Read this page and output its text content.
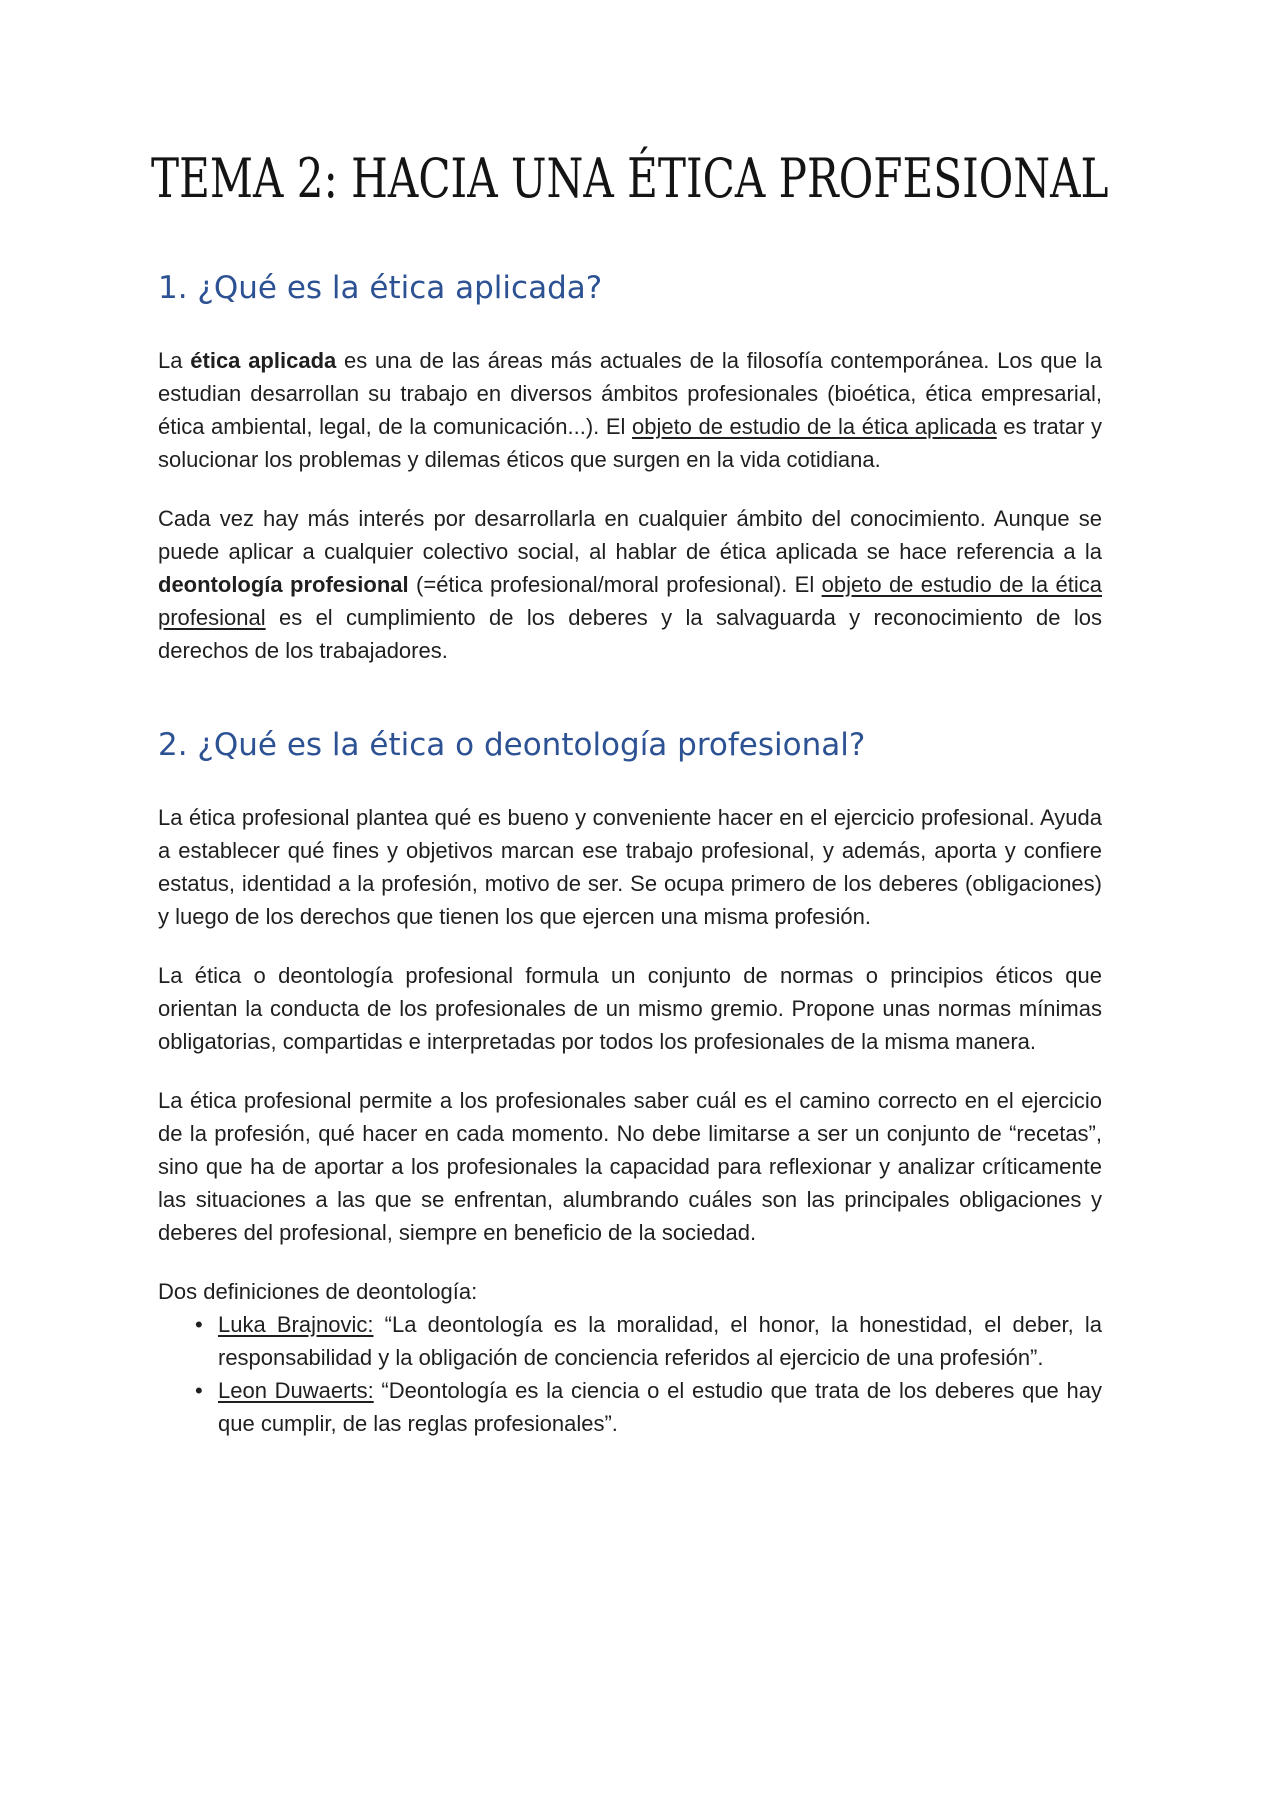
TEMA 2: HACIA UNA ÉTICA PROFESIONAL
1. ¿Qué es la ética aplicada?

La ética aplicada es una de las áreas más actuales de la filosofía contemporánea. Los que la estudian desarrollan su trabajo en diversos ámbitos profesionales (bioética, ética empresarial, ética ambiental, legal, de la comunicación...). El objeto de estudio de la ética aplicada es tratar y solucionar los problemas y dilemas éticos que surgen en la vida cotidiana.

Cada vez hay más interés por desarrollarla en cualquier ámbito del conocimiento. Aunque se puede aplicar a cualquier colectivo social, al hablar de ética aplicada se hace referencia a la deontología profesional (=ética profesional/moral profesional). El objeto de estudio de la ética profesional es el cumplimiento de los deberes y la salvaguarda y reconocimiento de los derechos de los trabajadores.

2. ¿Qué es la ética o deontología profesional?

La ética profesional plantea qué es bueno y conveniente hacer en el ejercicio profesional. Ayuda a establecer qué fines y objetivos marcan ese trabajo profesional, y además, aporta y confiere estatus, identidad a la profesión, motivo de ser. Se ocupa primero de los deberes (obligaciones) y luego de los derechos que tienen los que ejercen una misma profesión.

La ética o deontología profesional formula un conjunto de normas o principios éticos que orientan la conducta de los profesionales de un mismo gremio. Propone unas normas mínimas obligatorias, compartidas e interpretadas por todos los profesionales de la misma manera.

La ética profesional permite a los profesionales saber cuál es el camino correcto en el ejercicio de la profesión, qué hacer en cada momento. No debe limitarse a ser un conjunto de “recetas”, sino que ha de aportar a los profesionales la capacidad para reflexionar y analizar críticamente las situaciones a las que se enfrentan, alumbrando cuáles son las principales obligaciones y deberes del profesional, siempre en beneficio de la sociedad.

Dos definiciones de deontología:

• Luka Brajnovic: “La deontología es la moralidad, el honor, la honestidad, el deber, la responsabilidad y la obligación de conciencia referidos al ejercicio de una profesión”.
• Leon Duwaerts: “Deontología es la ciencia o el estudio que trata de los deberes que hay que cumplir, de las reglas profesionales”.
